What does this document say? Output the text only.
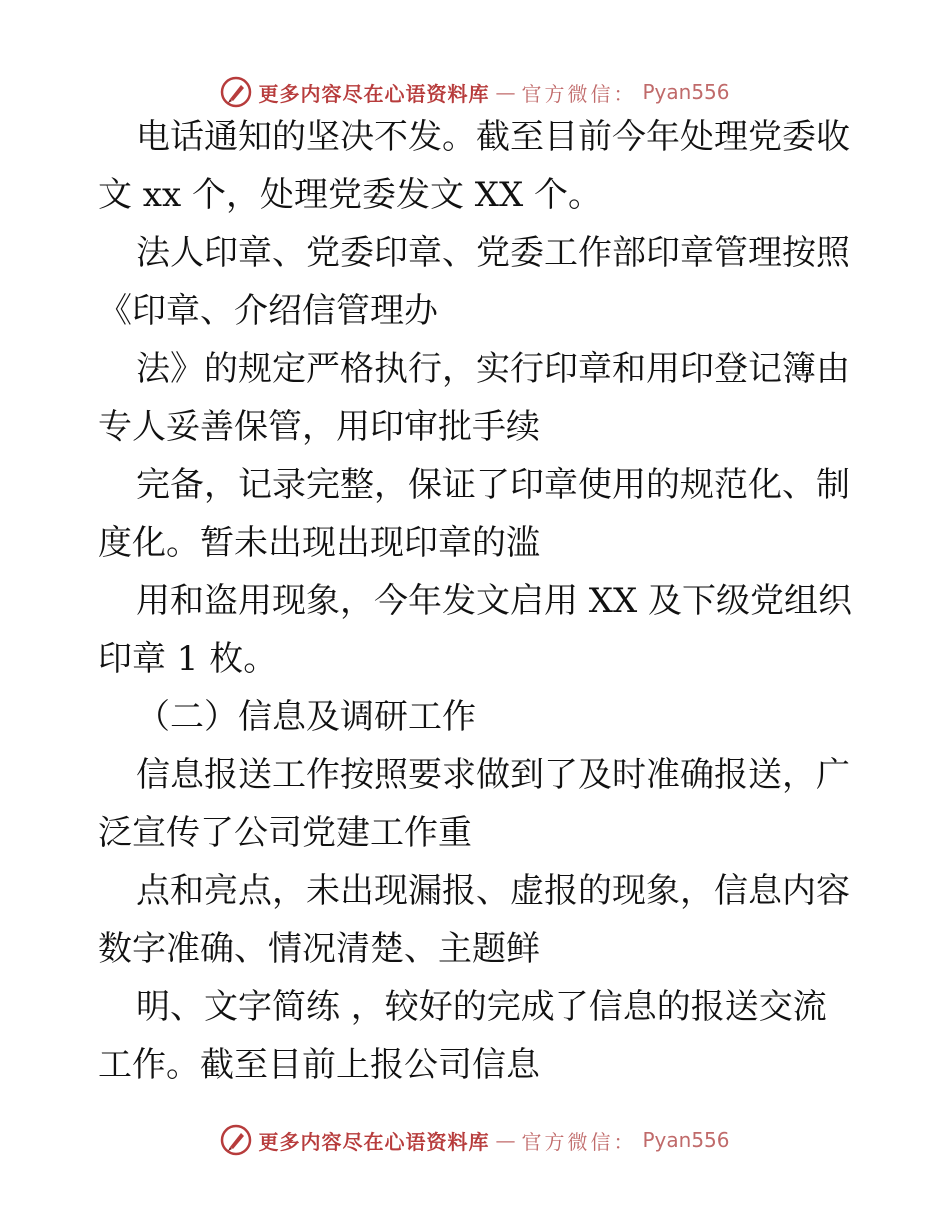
更多内容尽在心语资料库 — 官方微信： Pyan556
电话通知的坚决不发。截至目前今年处理党委收
文 xx 个，处理党委发文 XX 个。
法人印章、党委印章、党委工作部印章管理按照
《印章、介绍信管理办
法》的规定严格执行，实行印章和用印登记簿由
专人妥善保管，用印审批手续
完备，记录完整，保证了印章使用的规范化、制
度化。暂未出现出现印章的滥
用和盗用现象，今年发文启用 XX 及下级党组织
印章 1 枚。
（二）信息及调研工作
信息报送工作按照要求做到了及时准确报送，广
泛宣传了公司党建工作重
点和亮点，未出现漏报、虚报的现象，信息内容
数字准确、情况清楚、主题鲜
明、文字简练 ，较好的完成了信息的报送交流
工作。截至目前上报公司信息
更多内容尽在心语资料库 — 官方微信： Pyan556
